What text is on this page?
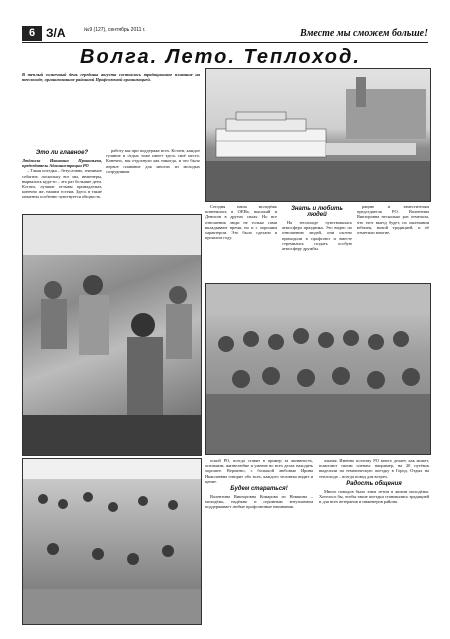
6 З/А	№9 (127), сентябрь 2011 г.	Вместе мы сможем больше!
Волга. Лето. Теплоход.
В теплый солнечный день середины августа состоялось традиционное плавание на теплоходе, организованное районной Профсоюзной организацией.
Это ли главное?
Людмила Ивановна Прокопьева, председатель Администрации РО

– Такая поездка – безусловно, значимое событие, поскольку все мы, инженеры, вырвались куда-то – это раз большие дети. Кстати, лучшие отзывы принадлежат, конечно же, нашим гостям. Здесь в такие моменты особенно чувствуется общность.

работу мы при поддержке всех. Кстати, каждое гуляние и отдых тоже имеет здесь своё место. Конечно, мы отдохнули как никогда, и это было первое плавание для многих из молодых сотрудников.

Сегодня наша молодёжь поменялась в ОЕНа, высокий и Денисов в других силах. Но все отношения люди не только сами вкладывают время, но и с хорошим характером. Это было сделано в прошлом году.

Знать и любить людей

На теплоходе чувствовалась атмосфера праздника. Это видно по отношению людей, они охотно приходили в профсоюз и вместе стремились создать особую атмосферу дружбы.

рацию и заместителям председателя РО. Валентина Викторовна несколько раз отмечала, что этот выезд будет, по окончании юбилея, новой традицией, и её отметили многие.

оской РО, всегда ставит в пример за активность, оптимизм, жизнелюбие и умение во всех делах находить хорошее. Вероятно, с большой любовью Ирина Николаевна говорит обо всех, каждого человека видит и ценит.

Будем стараться!

Валентина Викторовна Комарова из Новшина – молодёжь, надёжно и огромным энтузиазмом поддерживает любые профсоюзные начинания.

альная. Именно поэтому РО много делает, как может, помогают своим членам: например, на 20 путёвок выделили на тематическую поездку в Город. Отдых на теплоходе – всегда повод для встреч.

Радость общения

Много поводов было этим летом в жизни молодёжи. Хотелось бы, чтобы такие поездки становились традицией и для всех ветеранов и инженеров района.
